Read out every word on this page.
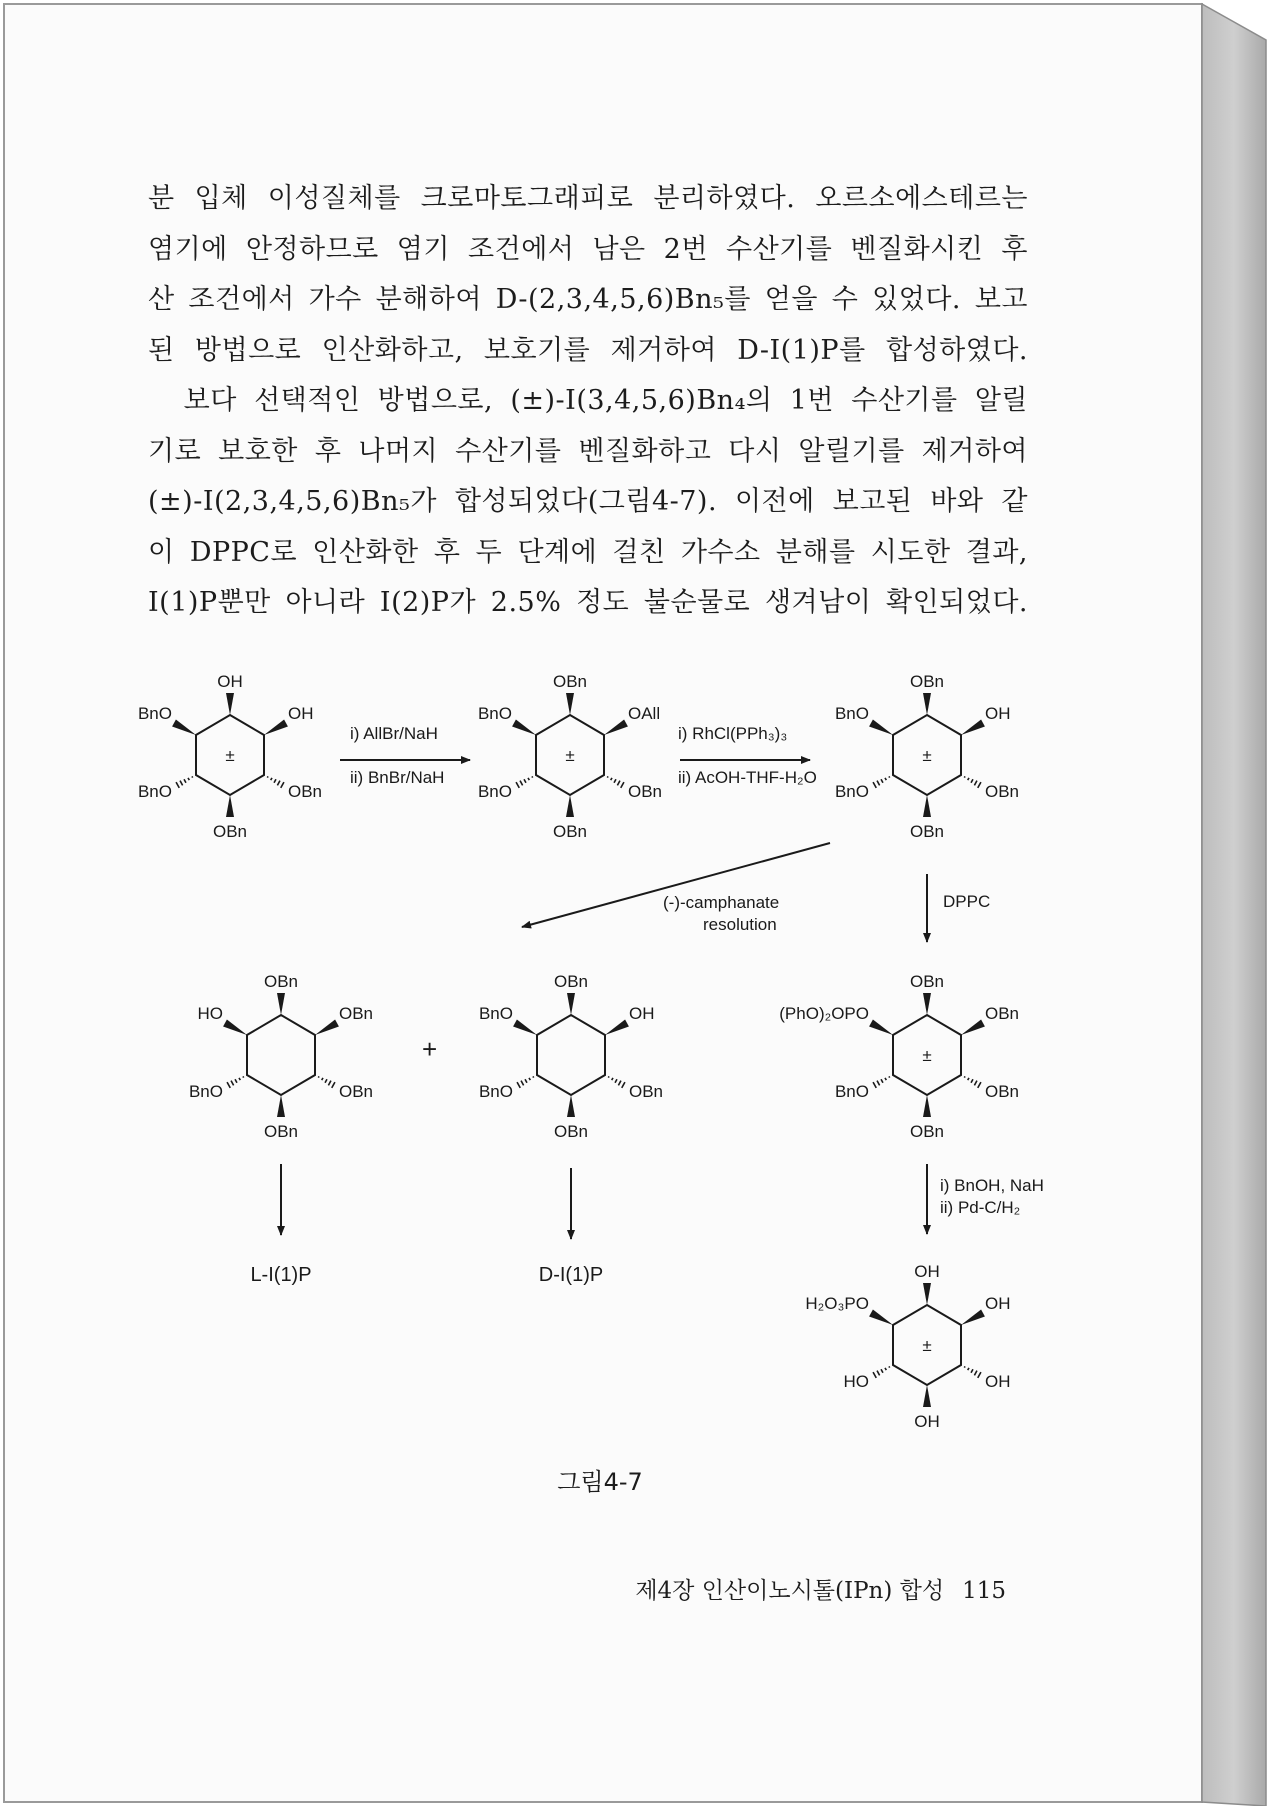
분 입체 이성질체를 크로마토그래피로 분리하였다. 오르소에스테르는
염기에 안정하므로 염기 조건에서 남은 2번 수산기를 벤질화시킨 후
산 조건에서 가수 분해하여 D-(2,3,4,5,6)Bn₅를 얻을 수 있었다. 보고
된 방법으로 인산화하고, 보호기를 제거하여 D-I(1)P를 합성하였다.
　보다 선택적인 방법으로, (±)-I(3,4,5,6)Bn₄의 1번 수산기를 알릴
기로 보호한 후 나머지 수산기를 벤질화하고 다시 알릴기를 제거하여
(±)-I(2,3,4,5,6)Bn₅가 합성되었다(그림4-7). 이전에 보고된 바와 같
이 DPPC로 인산화한 후 두 단계에 걸친 가수소 분해를 시도한 결과,
I(1)P뿐만 아니라 I(2)P가 2.5% 정도 불순물로 생겨남이 확인되었다.
OH
BnO	OH
BnO	OBn
OBn
±
OBn
BnO	OAll
BnO	OBn
OBn
±
OBn
BnO	OH
BnO	OBn
OBn
±
OBn
HO	OBn
BnO	OBn
OBn
OBn
BnO	OH
BnO	OBn
OBn
OBn
(PhO)₂OPO	OBn
BnO	OBn
OBn
±
OH
H₂O₃PO	OH
HO	OH
OH
±
i) AllBr/NaH
ii) BnBr/NaH
i) RhCl(PPh₃)₃
ii) AcOH-THF-H₂O
(-)-camphanate
resolution
DPPC
+
L-I(1)P	D-I(1)P
i) BnOH, NaH
ii) Pd-C/H₂
그림4-7
제4장 인산이노시톨(IPn) 합성 115
